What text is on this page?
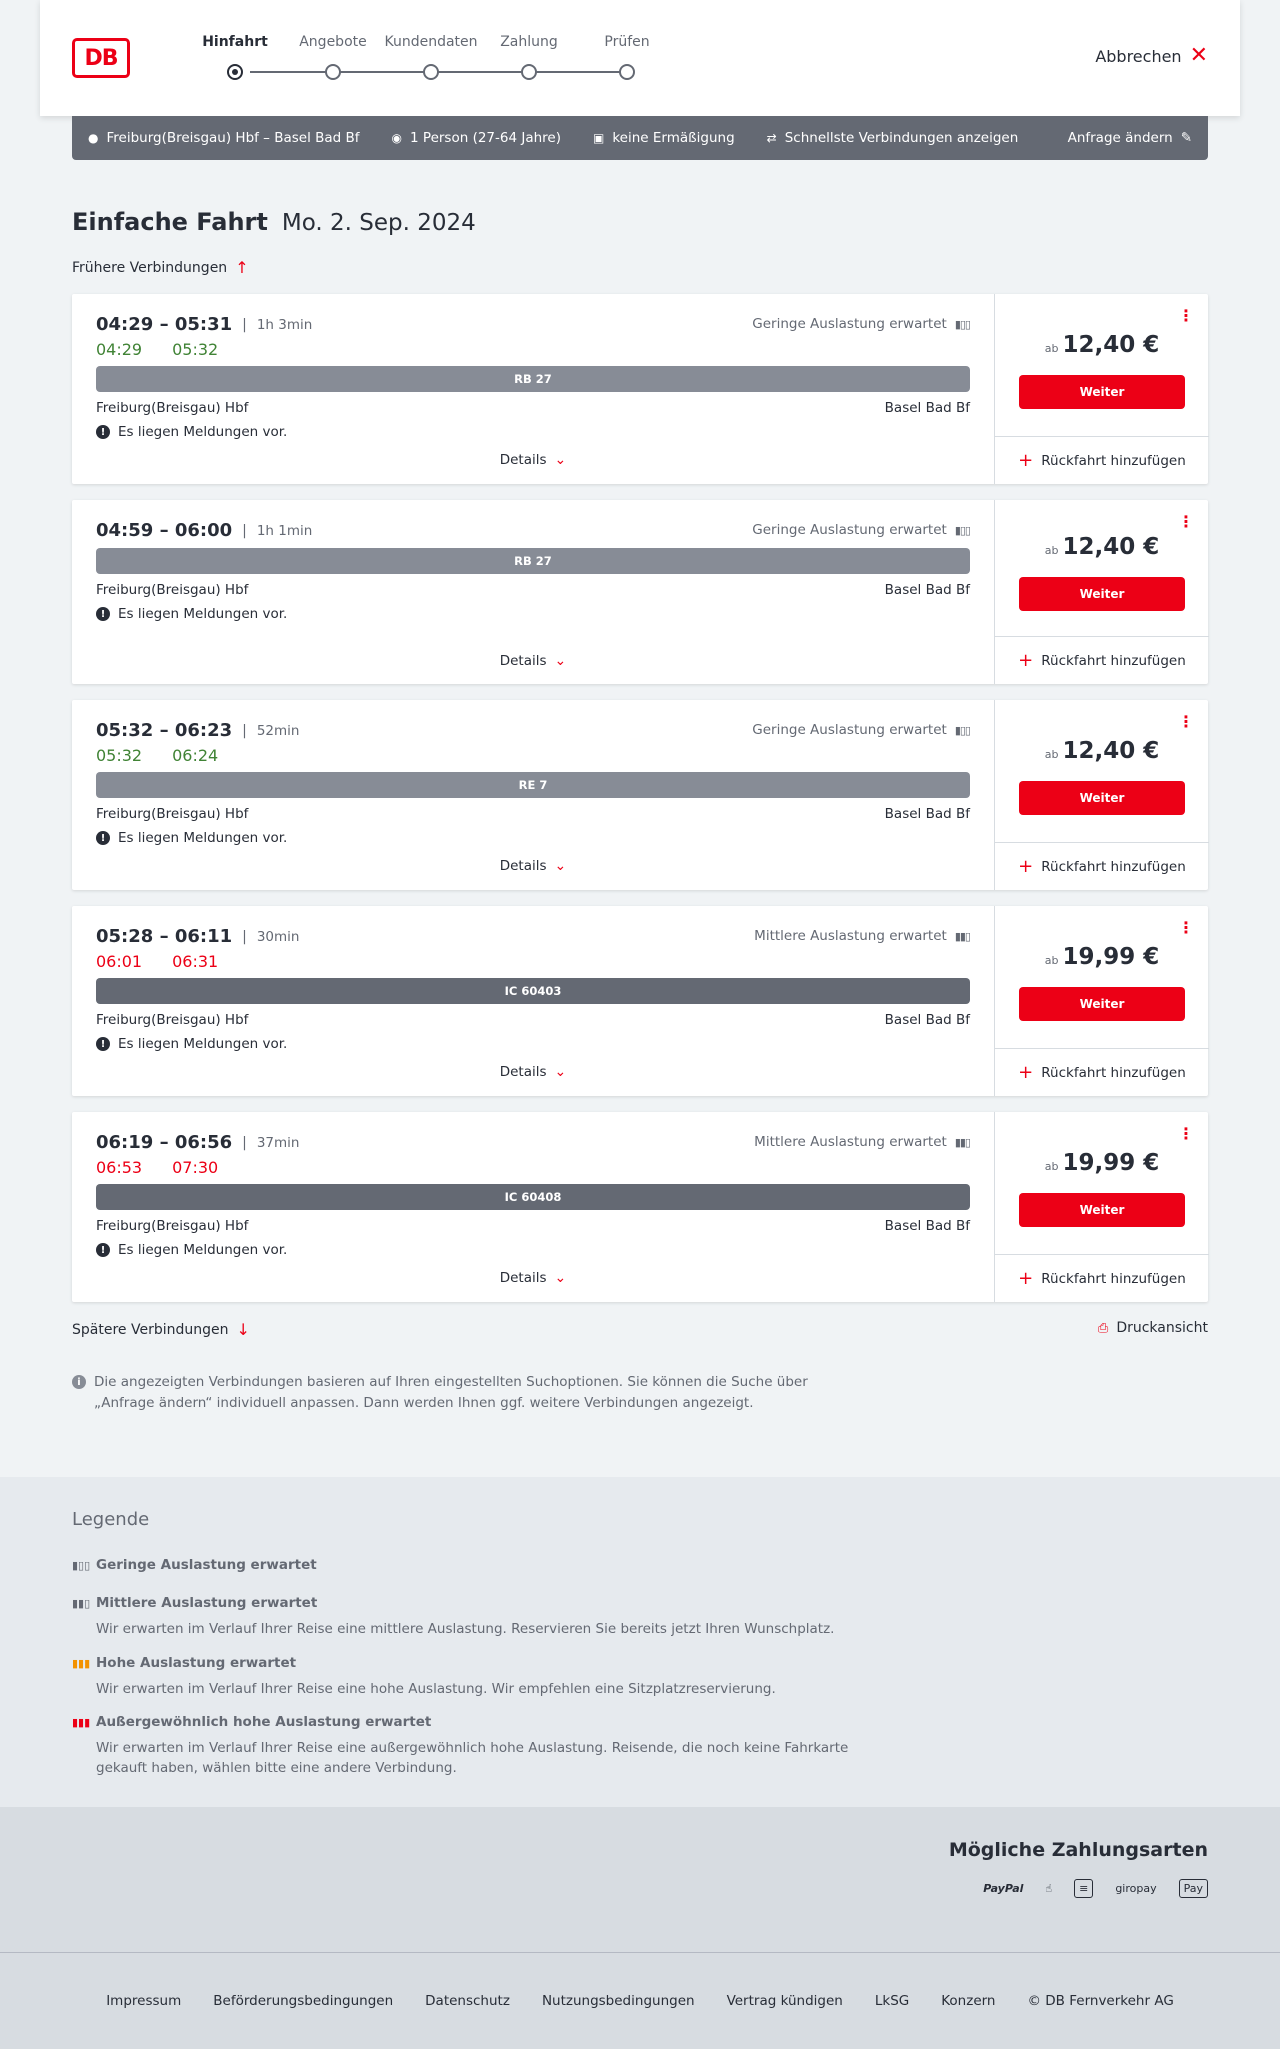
DB
Hinfahrt	Angebote	Kundendaten	Zahlung	Prüfen
Abbrechen ✕
● Freiburg(Breisgau) Hbf – Basel Bad Bf	◉ 1 Person (27-64 Jahre)	▣ keine Ermäßigung	⇄ Schnellste Verbindungen anzeigen	Anfrage ändern ✎
Einfache Fahrt Mo. 2. Sep. 2024
Frühere Verbindungen ↑
04:29 – 05:31 | 1h 3min
04:29 05:32
Geringe Auslastung erwartet ▮▯▯
RB 27
Freiburg(Breisgau) Hbf	Basel Bad Bf
! Es liegen Meldungen vor.
Details ⌄
⋮
ab 12,40 €
Weiter
+ Rückfahrt hinzufügen
04:59 – 06:00 | 1h 1min	Geringe Auslastung erwartet ▮▯▯
RB 27
Freiburg(Breisgau) Hbf	Basel Bad Bf
! Es liegen Meldungen vor.
Details ⌄
⋮
ab 12,40 €
Weiter
+ Rückfahrt hinzufügen
05:32 – 06:23 | 52min
05:32 06:24
Geringe Auslastung erwartet ▮▯▯
RE 7
Freiburg(Breisgau) Hbf	Basel Bad Bf
! Es liegen Meldungen vor.
Details ⌄
⋮
ab 12,40 €
Weiter
+ Rückfahrt hinzufügen
05:28 – 06:11 | 30min
06:01 06:31
Mittlere Auslastung erwartet ▮▮▯
IC 60403
Freiburg(Breisgau) Hbf	Basel Bad Bf
! Es liegen Meldungen vor.
Details ⌄
⋮
ab 19,99 €
Weiter
+ Rückfahrt hinzufügen
06:19 – 06:56 | 37min
06:53 07:30
Mittlere Auslastung erwartet ▮▮▯
IC 60408
Freiburg(Breisgau) Hbf	Basel Bad Bf
! Es liegen Meldungen vor.
Details ⌄
⋮
ab 19,99 €
Weiter
+ Rückfahrt hinzufügen
Spätere Verbindungen ↓	⎙ Druckansicht
i Die angezeigten Verbindungen basieren auf Ihren eingestellten Suchoptionen. Sie können die Suche über „Anfrage ändern“ individuell anpassen. Dann werden Ihnen ggf. weitere Verbindungen angezeigt.
Legende
▮▯▯ Geringe Auslastung erwartet
▮▮▯ Mittlere Auslastung erwartet
Wir erwarten im Verlauf Ihrer Reise eine mittlere Auslastung. Reservieren Sie bereits jetzt Ihren Wunschplatz.
▮▮▮ Hohe Auslastung erwartet
Wir erwarten im Verlauf Ihrer Reise eine hohe Auslastung. Wir empfehlen eine Sitzplatzreservierung.
▮▮▮ Außergewöhnlich hohe Auslastung erwartet
Wir erwarten im Verlauf Ihrer Reise eine außergewöhnlich hohe Auslastung. Reisende, die noch keine Fahrkarte gekauft haben, wählen bitte eine andere Verbindung.
Mögliche Zahlungsarten
PayPal ☝	≡	giropay	Pay
Impressum Beförderungsbedingungen Datenschutz Nutzungsbedingungen Vertrag kündigen LkSG Konzern © DB Fernverkehr AG
